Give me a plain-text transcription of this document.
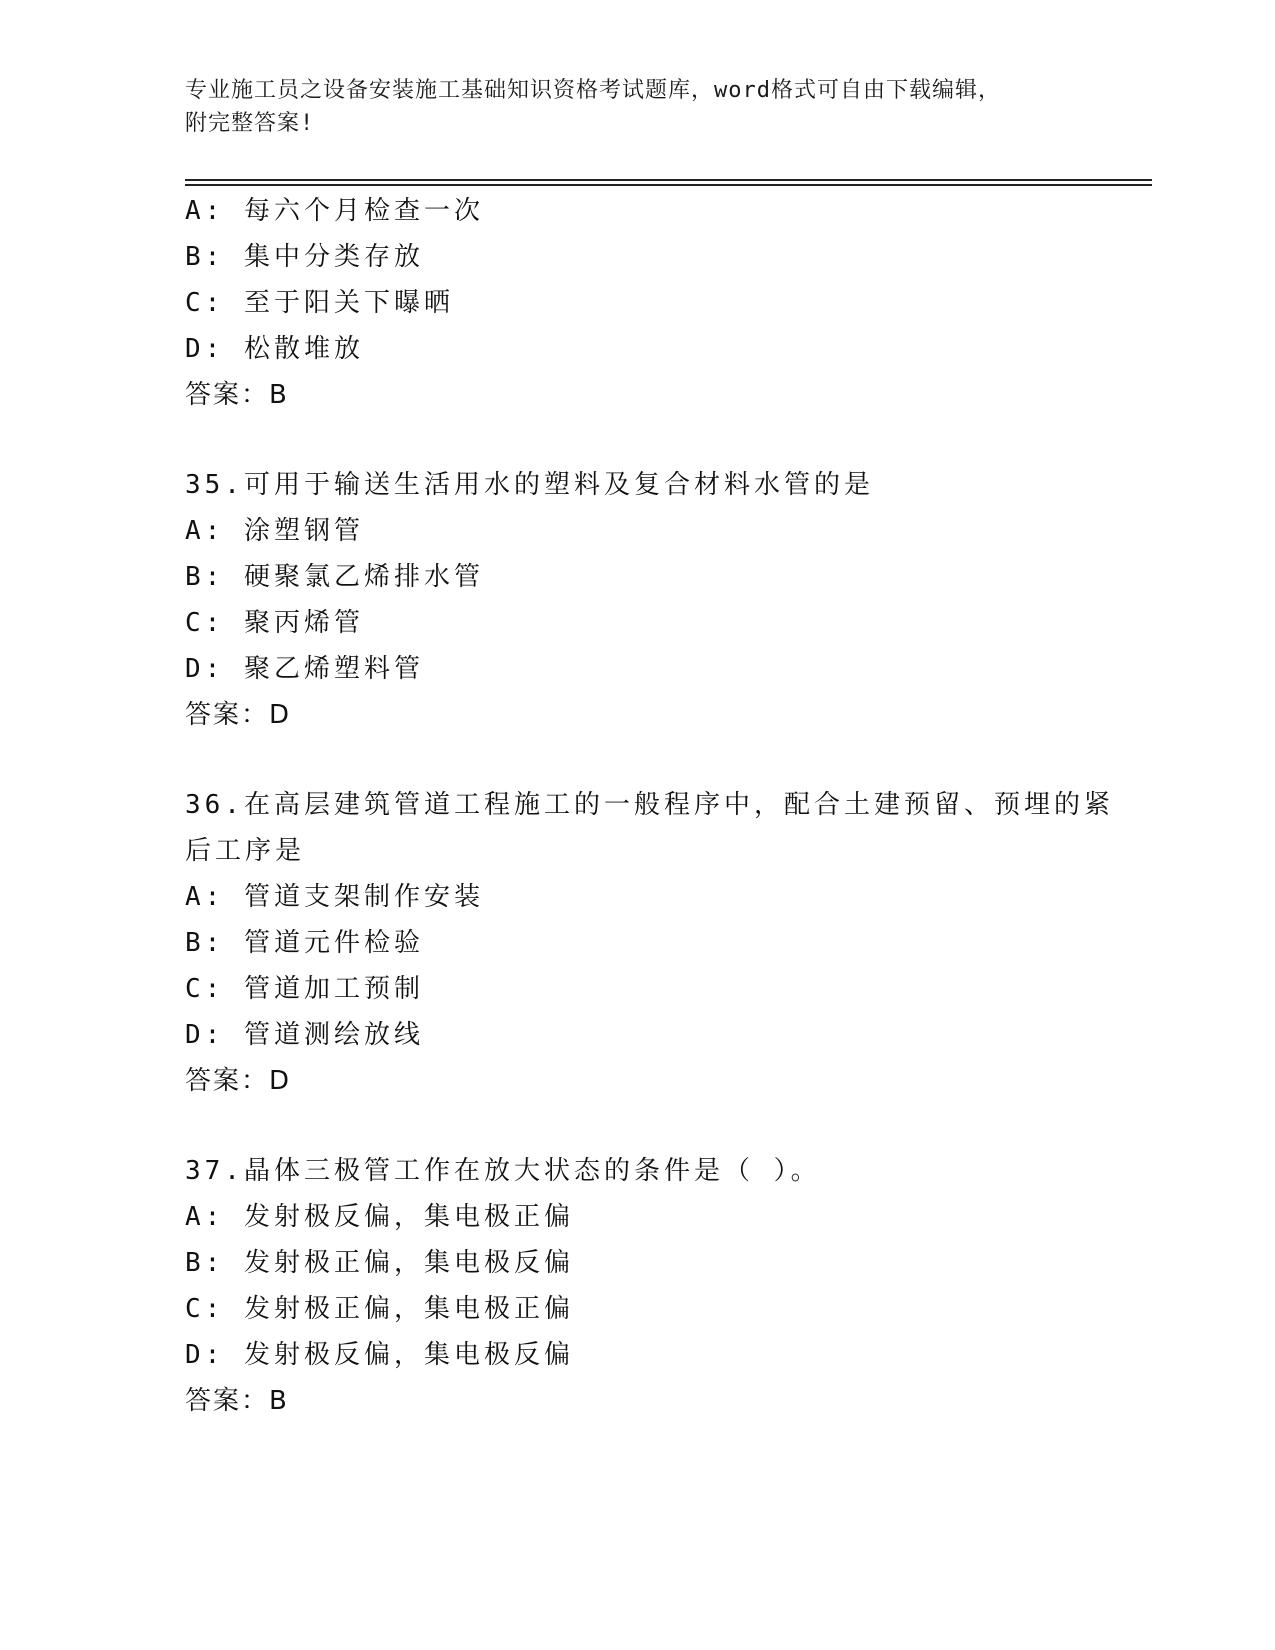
专业施工员之设备安装施工基础知识资格考试题库，word格式可自由下载编辑，
附完整答案!
A: 每六个月检查一次
B: 集中分类存放
C: 至于阳关下曝晒
D: 松散堆放
答案：B
35.可用于输送生活用水的塑料及复合材料水管的是
A: 涂塑钢管
B: 硬聚氯乙烯排水管
C: 聚丙烯管
D: 聚乙烯塑料管
答案：D
36.在高层建筑管道工程施工的一般程序中，配合土建预留、预埋的紧
后工序是
A: 管道支架制作安装
B: 管道元件检验
C: 管道加工预制
D: 管道测绘放线
答案：D
37.晶体三极管工作在放大状态的条件是（ ）。
A: 发射极反偏，集电极正偏
B: 发射极正偏，集电极反偏
C: 发射极正偏，集电极正偏
D: 发射极反偏，集电极反偏
答案：B
